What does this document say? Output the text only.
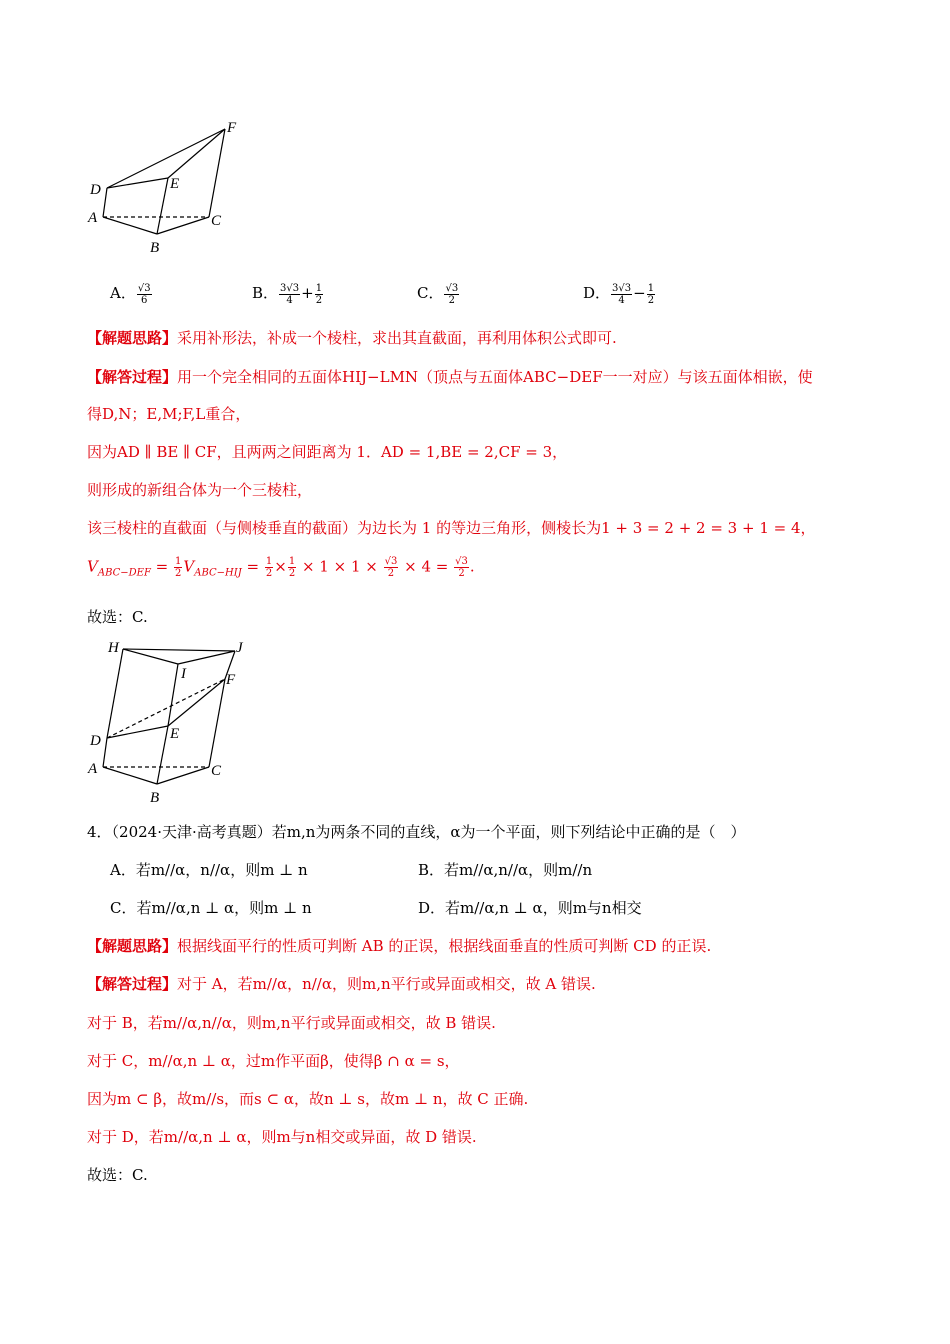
F
D	E
A	C
B
A． $\frac{√3}{6}$	B． $\frac{3√3}{4} + \frac{1}{2}$	C． $\frac{√3}{2}$	D． $\frac{3√3}{4} - \frac{1}{2}$
【解题思路】采用补形法，补成一个棱柱，求出其直截面，再利用体积公式即可.
【解答过程】用一个完全相同的五面体HIJ−LMN（顶点与五面体ABC−DEF一一对应）与该五面体相嵌，使
得D,N；E,M;F,L重合，
因为AD ∥ BE ∥ CF，且两两之间距离为 1．AD = 1,BE = 2,CF = 3，
则形成的新组合体为一个三棱柱，
该三棱柱的直截面（与侧棱垂直的截面）为边长为 1 的等边三角形，侧棱长为1 + 3 = 2 + 2 = 3 + 1 = 4，
$V_{ABC-DEF} = \frac{1}{2} V_{ABC-HIJ} = \frac{1}{2} \times \frac{1}{2} \times 1 \times 1 \times \frac{√3}{2} \times 4 = \frac{√3}{2}$ .
故选：C.
H	J
I	F
D	E
A	C
B
4．（2024·天津·高考真题）若m,n为两条不同的直线，α为一个平面，则下列结论中正确的是（　）
A．若m//α，n//α，则m ⊥ n	B．若m//α,n//α，则m//n
C．若m//α,n ⊥ α，则m ⊥ n	D．若m//α,n ⊥ α，则m与n相交
【解题思路】根据线面平行的性质可判断 AB 的正误，根据线面垂直的性质可判断 CD 的正误.
【解答过程】对于 A，若m//α，n//α，则m,n平行或异面或相交，故 A 错误.
对于 B，若m//α,n//α，则m,n平行或异面或相交，故 B 错误.
对于 C，m//α,n ⊥ α，过m作平面β，使得β ∩ α = s，
因为m ⊂ β，故m//s，而s ⊂ α，故n ⊥ s，故m ⊥ n，故 C 正确.
对于 D，若m//α,n ⊥ α，则m与n相交或异面，故 D 错误.
故选：C.
